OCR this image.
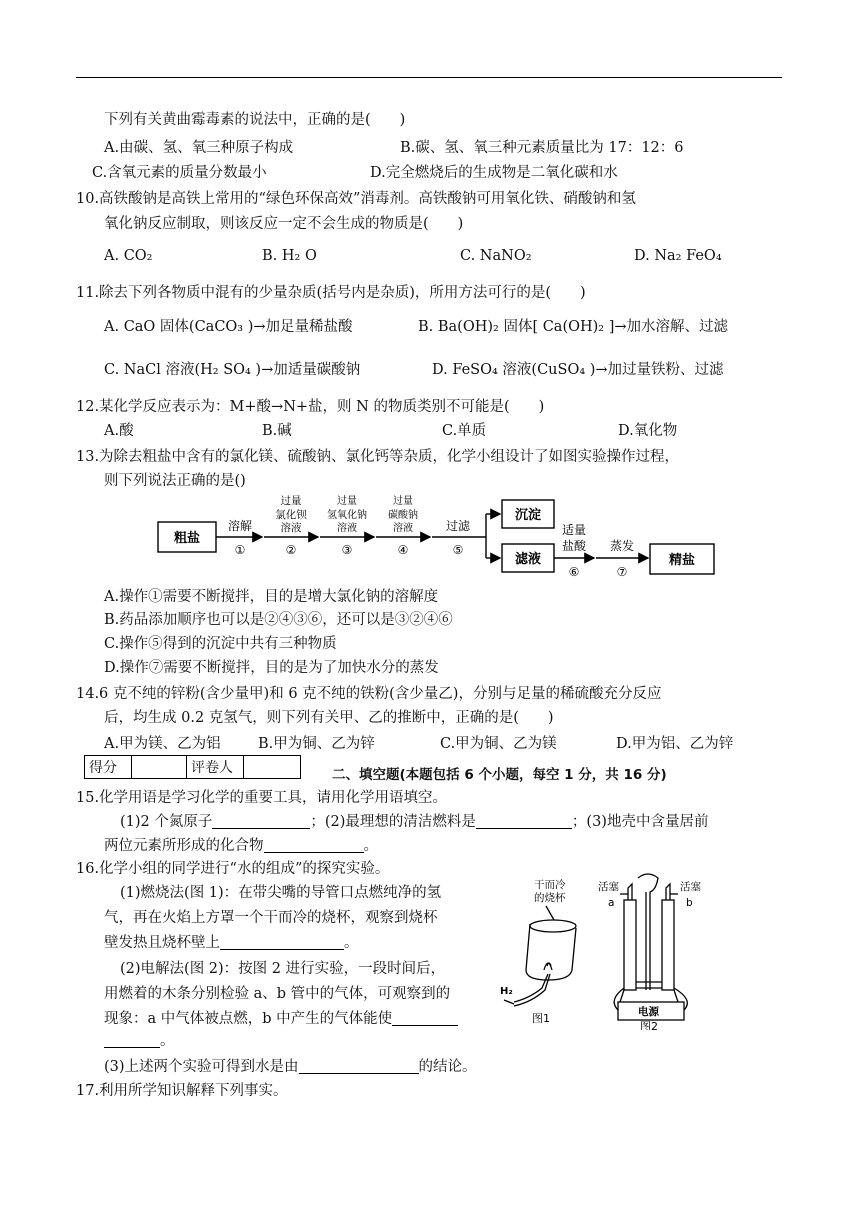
下列有关黄曲霉毒素的说法中，正确的是(　　)
A.由碳、氢、氧三种原子构成	B.碳、氢、氧三种元素质量比为 17：12：6
C.含氧元素的质量分数最小	D.完全燃烧后的生成物是二氧化碳和水
10.高铁酸钠是高铁上常用的“绿色环保高效”消毒剂。高铁酸钠可用氧化铁、硝酸钠和氢
氧化钠反应制取，则该反应一定不会生成的物质是(　　)
A. CO₂	B. H₂ O	C. NaNO₂	D. Na₂ FeO₄
11.除去下列各物质中混有的少量杂质(括号内是杂质)，所用方法可行的是(　　)
A. CaO 固体(CaCO₃ )→加足量稀盐酸	B. Ba(OH)₂ 固体[ Ca(OH)₂ ]→加水溶解、过滤
C. NaCl 溶液(H₂ SO₄ )→加适量碳酸钠	D. FeSO₄ 溶液(CuSO₄ )→加过量铁粉、过滤
12.某化学反应表示为：M+酸→N+盐，则 N 的物质类别不可能是(　　)
A.酸	B.碱	C.单质	D.氧化物
13.为除去粗盐中含有的氯化镁、硫酸钠、氯化钙等杂质，化学小组设计了如图实验操作过程，
则下列说法正确的是()
粗盐
沉淀
滤液	精盐
溶解
①
过量
氯化钡
溶液
②
过量
氢氧化钠
溶液
③
过量
碳酸钠
溶液
④
过滤
⑤
适量
盐酸
⑥
蒸发
⑦
A.操作①需要不断搅拌，目的是增大氯化钠的溶解度
B.药品添加顺序也可以是②④③⑥，还可以是③②④⑥
C.操作⑤得到的沉淀中共有三种物质
D.操作⑦需要不断搅拌，目的是为了加快水分的蒸发
14.6 克不纯的锌粉(含少量甲)和 6 克不纯的铁粉(含少量乙)，分别与足量的稀硫酸充分反应
后，均生成 0.2 克氢气，则下列有关甲、乙的推断中，正确的是(　　)
A.甲为镁、乙为铝	B.甲为铜、乙为锌	C.甲为铜、乙为镁	D.甲为铝、乙为锌
得分		评卷人		二、填空题(本题包括 6 个小题，每空 1 分，共 16 分)
15.化学用语是学习化学的重要工具，请用化学用语填空。
(1)2 个氮原子	；(2)最理想的清洁燃料是	；(3)地壳中含量居前
两位元素所形成的化合物	。
16.化学小组的同学进行“水的组成”的探究实验。
(1)燃烧法(图 1)：在带尖嘴的导管口点燃纯净的氢
气，再在火焰上方罩一个干而冷的烧杯，观察到烧杯
壁发热且烧杯壁上	。
(2)电解法(图 2)：按图 2 进行实验，一段时间后，
用燃着的木条分别检验 a、b 管中的气体，可观察到的
现象：a 中气体被点燃，b 中产生的气体能使
。
(3)上述两个实验可得到水是由	的结论。
干而冷
的烧杯
H₂
图1
活塞	活塞
a	b
电源
图2
17.利用所学知识解释下列事实。
